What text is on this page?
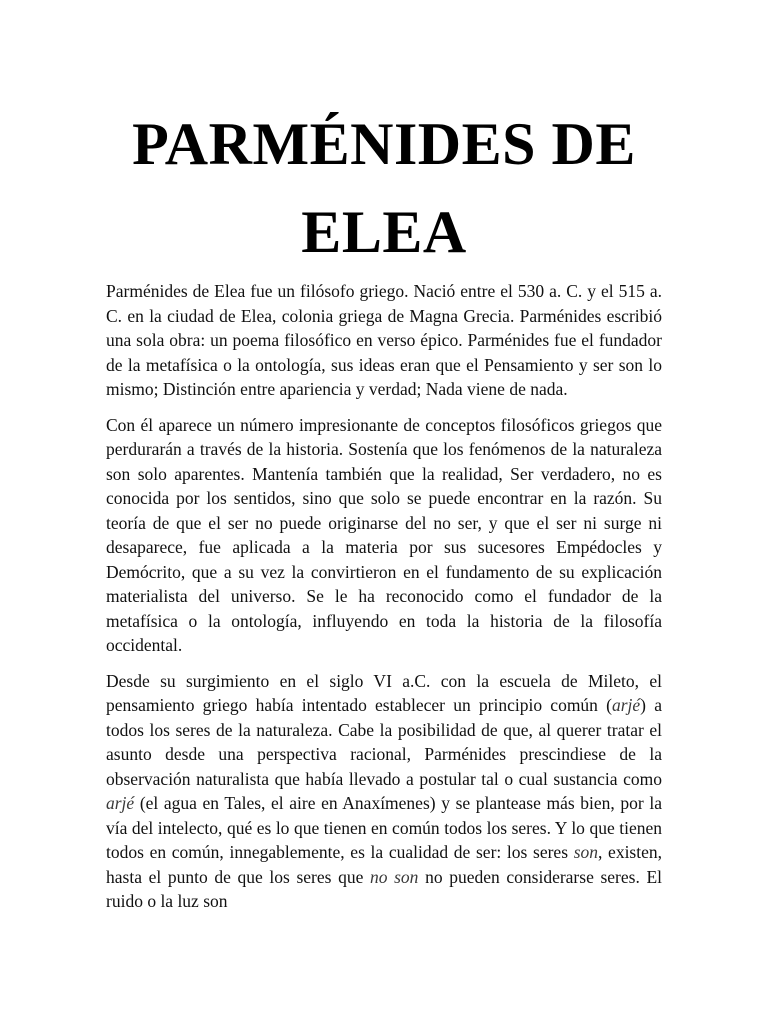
PARMÉNIDES DE ELEA

Parménides de Elea fue un filósofo griego. Nació entre el 530 a. C. y el 515 a. C. en la ciudad de Elea, colonia griega de Magna Grecia. Parménides escribió una sola obra: un poema filosófico en verso épico. Parménides fue el fundador de la metafísica o la ontología, sus ideas eran que el Pensamiento y ser son lo mismo; Distinción entre apariencia y verdad; Nada viene de nada.

Con él aparece un número impresionante de conceptos filosóficos griegos que perdurarán a través de la historia. Sostenía que los fenómenos de la naturaleza son solo aparentes. Mantenía también que la realidad, Ser verdadero, no es conocida por los sentidos, sino que solo se puede encontrar en la razón. Su teoría de que el ser no puede originarse del no ser, y que el ser ni surge ni desaparece, fue aplicada a la materia por sus sucesores Empédocles y Demócrito, que a su vez la convirtieron en el fundamento de su explicación materialista del universo. Se le ha reconocido como el fundador de la metafísica o la ontología, influyendo en toda la historia de la filosofía occidental.

Desde su surgimiento en el siglo VI a.C. con la escuela de Mileto, el pensamiento griego había intentado establecer un principio común (arjé) a todos los seres de la naturaleza. Cabe la posibilidad de que, al querer tratar el asunto desde una perspectiva racional, Parménides prescindiese de la observación naturalista que había llevado a postular tal o cual sustancia como arjé (el agua en Tales, el aire en Anaxímenes) y se plantease más bien, por la vía del intelecto, qué es lo que tienen en común todos los seres. Y lo que tienen todos en común, innegablemente, es la cualidad de ser: los seres son, existen, hasta el punto de que los seres que no son no pueden considerarse seres. El ruido o la luz son
